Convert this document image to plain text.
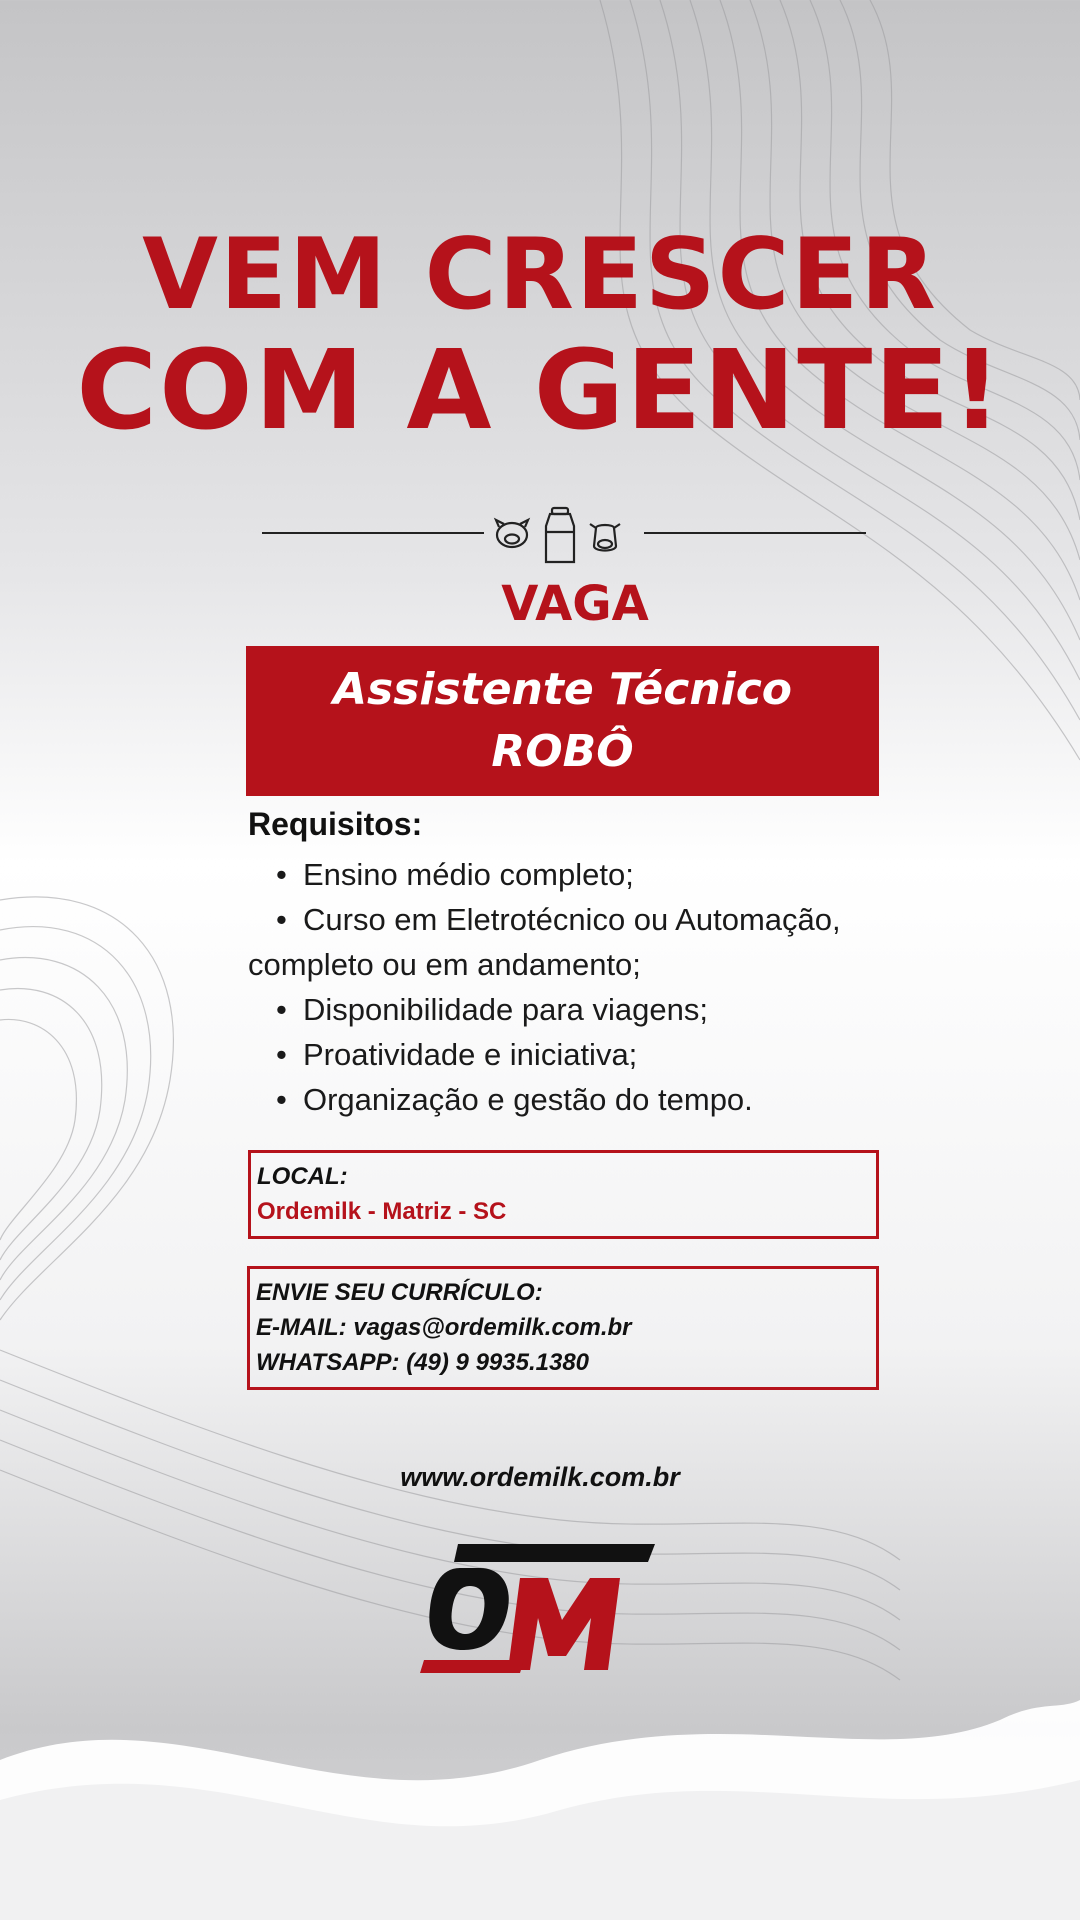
VEM CRESCER
COM A GENTE!
VAGA
Assistente Técnico
ROBÔ
Requisitos:
• Ensino médio completo;
• Curso em Eletrotécnico ou Automação,
completo ou em andamento;
• Disponibilidade para viagens;
• Proatividade e iniciativa;
• Organização e gestão do tempo.
LOCAL:
Ordemilk - Matriz - SC
ENVIE SEU CURRÍCULO:
E-MAIL: vagas@ordemilk.com.br
WHATSAPP: (49) 9 9935.1380
www.ordemilk.com.br
